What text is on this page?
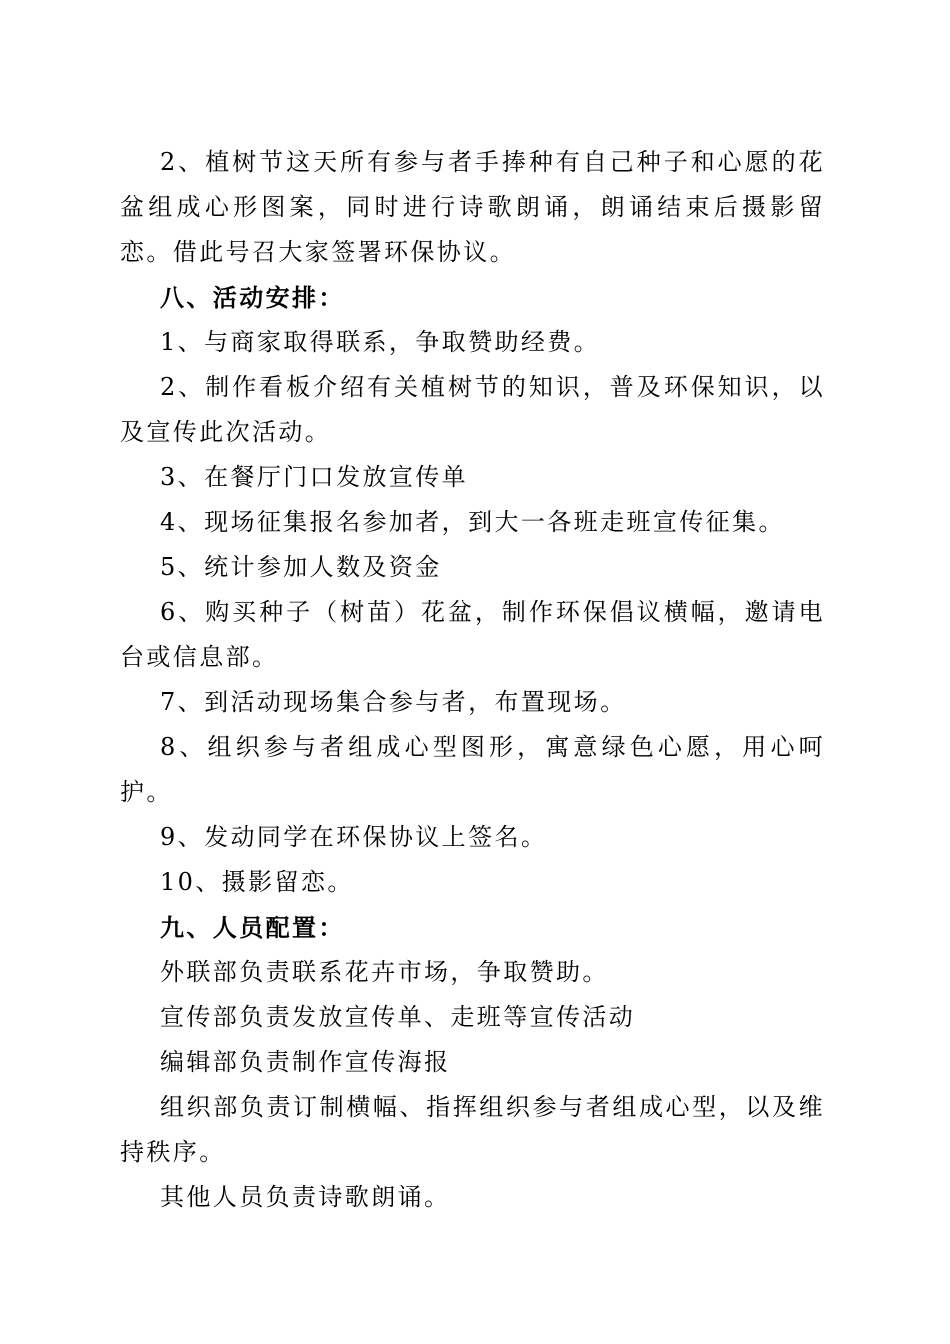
2、植树节这天所有参与者手捧种有自己种子和心愿的花盆组成心形图案，同时进行诗歌朗诵，朗诵结束后摄影留恋。借此号召大家签署环保协议。

八、活动安排：

1、与商家取得联系，争取赞助经费。

2、制作看板介绍有关植树节的知识，普及环保知识，以及宣传此次活动。

3、在餐厅门口发放宣传单

4、现场征集报名参加者，到大一各班走班宣传征集。

5、统计参加人数及资金

6、购买种子（树苗）花盆，制作环保倡议横幅，邀请电台或信息部。

7、到活动现场集合参与者，布置现场。

8、组织参与者组成心型图形，寓意绿色心愿，用心呵护。

9、发动同学在环保协议上签名。

10、摄影留恋。

九、人员配置：

外联部负责联系花卉市场，争取赞助。

宣传部负责发放宣传单、走班等宣传活动

编辑部负责制作宣传海报

组织部负责订制横幅、指挥组织参与者组成心型，以及维持秩序。

其他人员负责诗歌朗诵。
